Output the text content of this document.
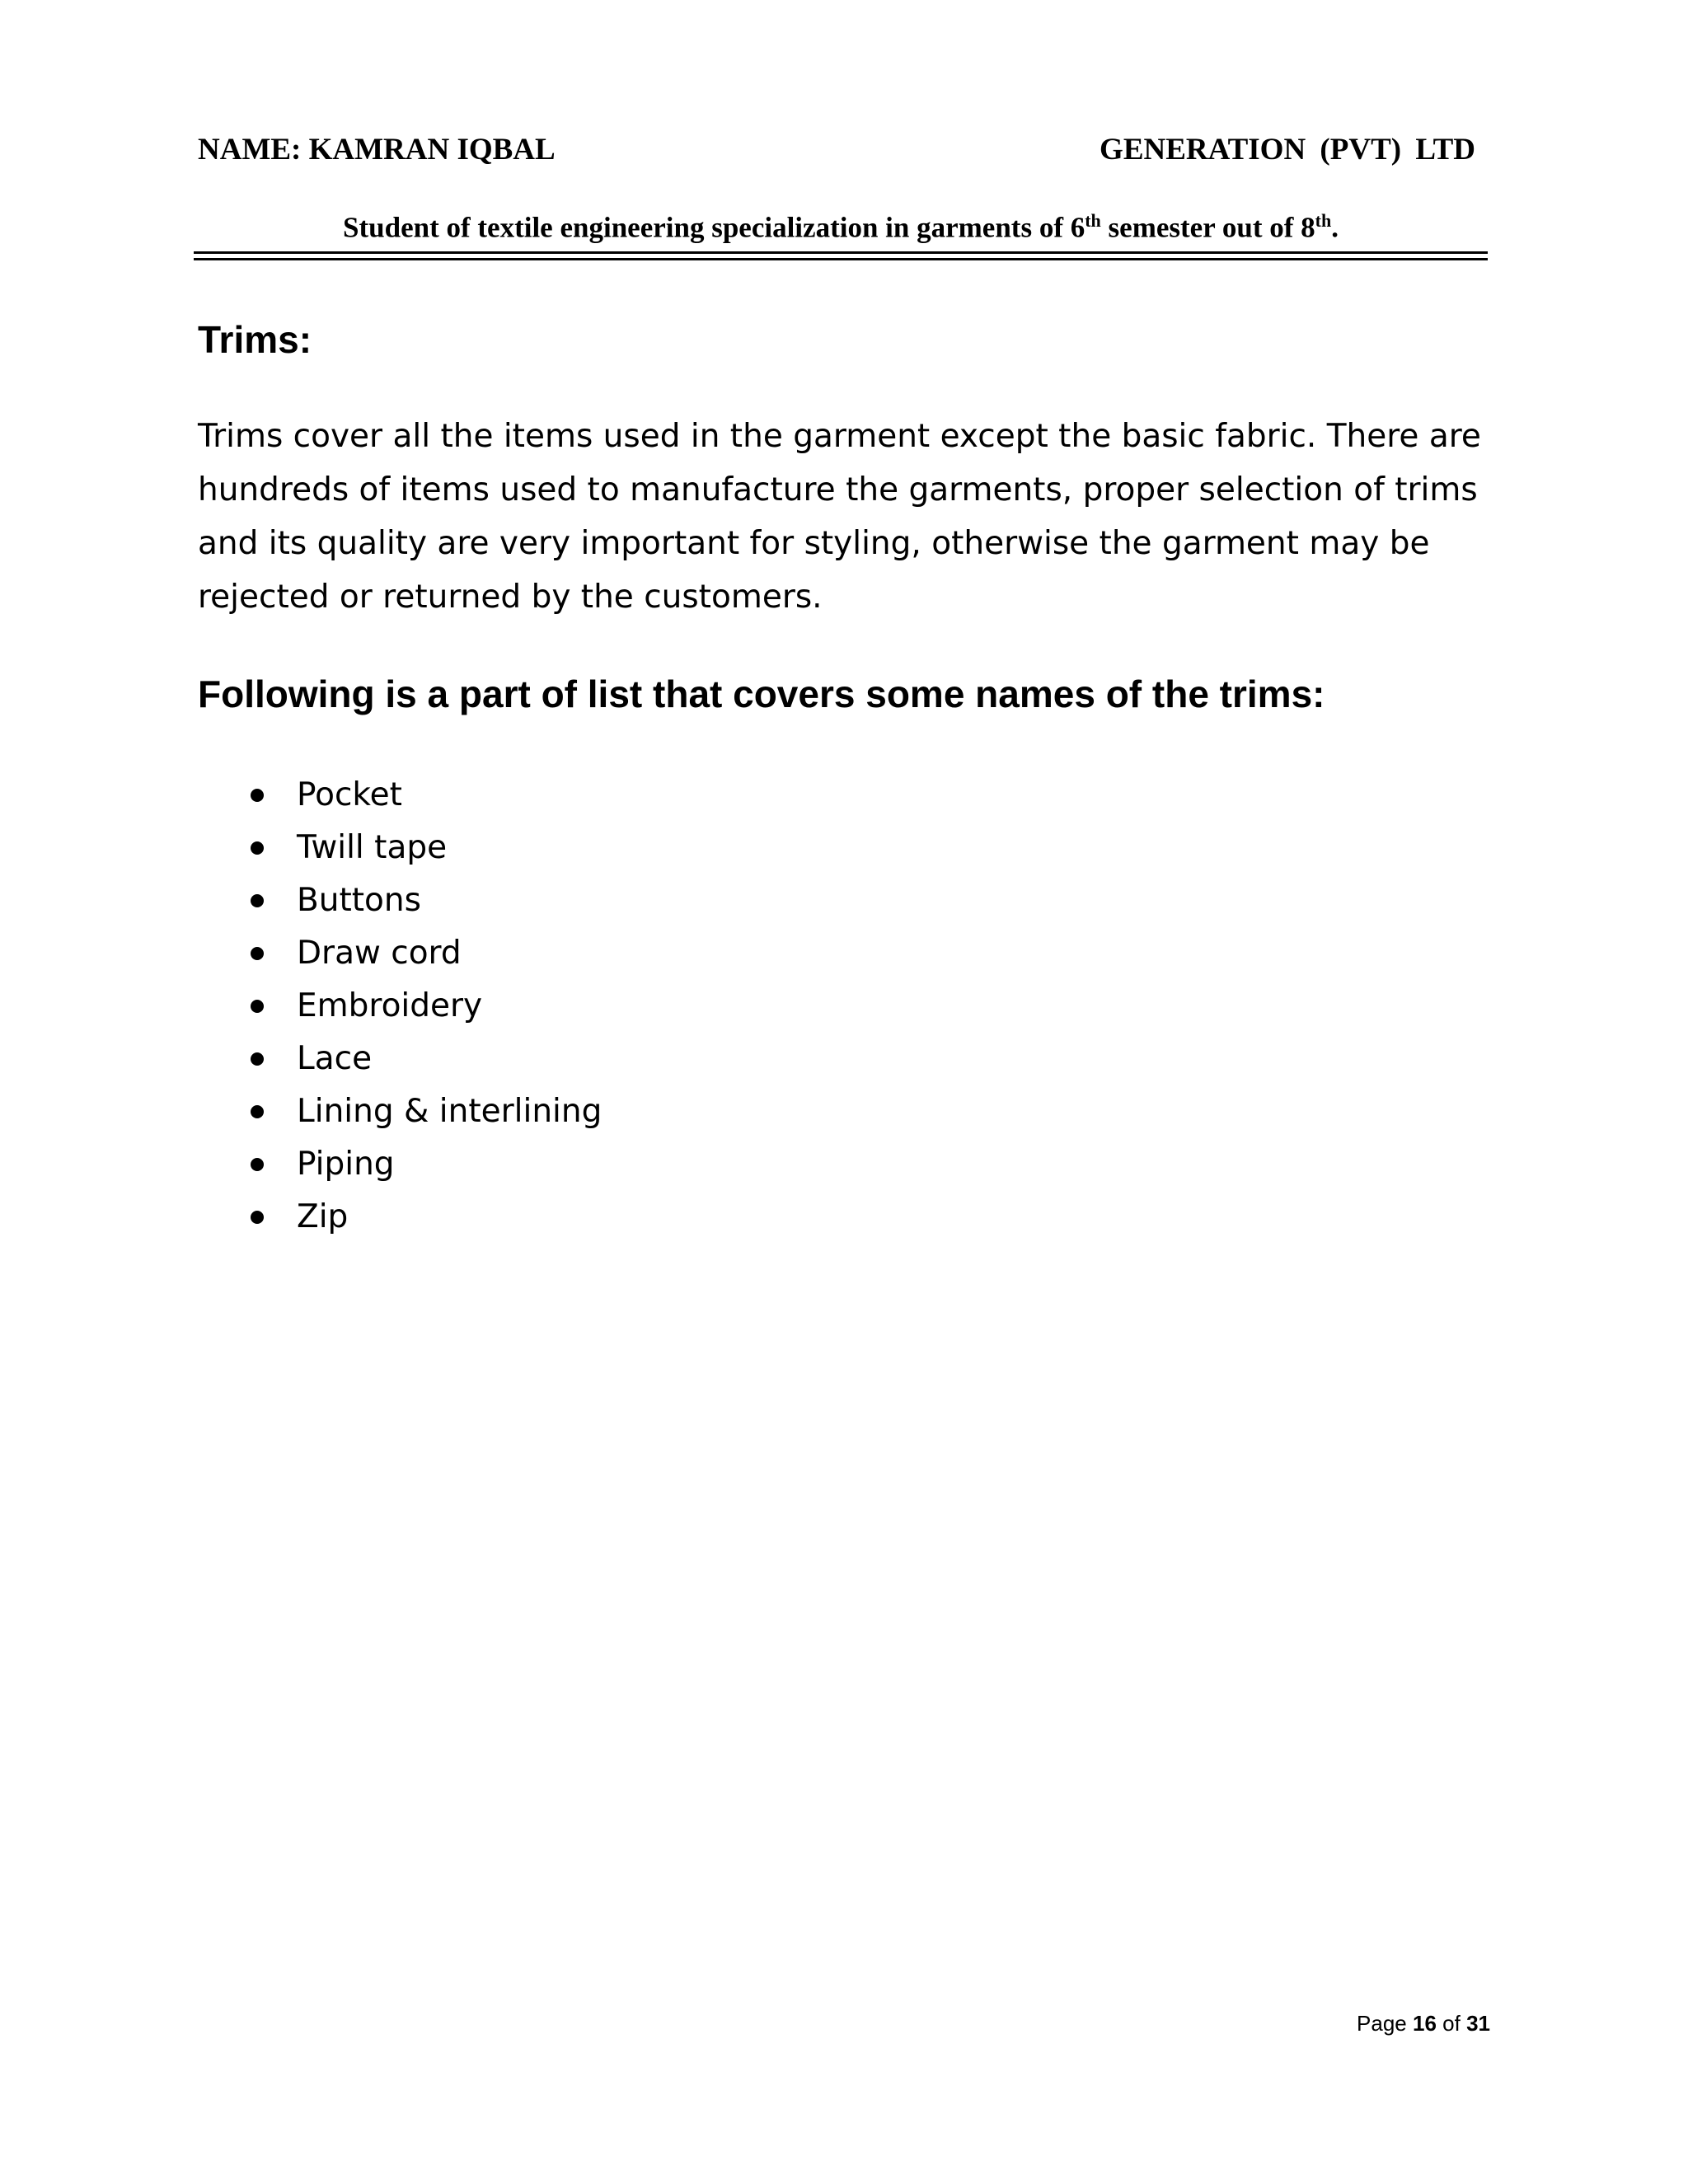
NAME: KAMRAN IQBAL	GENERATION (PVT) LTD
Student of textile engineering specialization in garments of 6th semester out of 8th.
Trims:
Trims cover all the items used in the garment except the basic fabric. There are hundreds of items used to manufacture the garments, proper selection of trims and its quality are very important for styling, otherwise the garment may be rejected or returned by the customers.
Following is a part of list that covers some names of the trims:
Pocket
Twill tape
Buttons
Draw cord
Embroidery
Lace
Lining & interlining
Piping
Zip
Page 16 of 31
